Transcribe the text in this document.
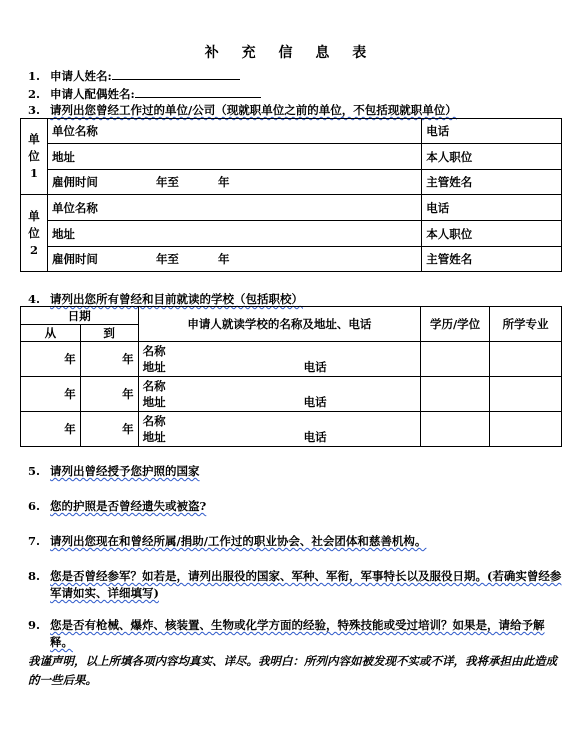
补 充 信 息 表
1. 申请人姓名:
2. 申请人配偶姓名:
3. 请列出您曾经工作过的单位/公司（现就职单位之前的单位，不包括现就职单位）
单
位
1	单位名称	电话
	地址	本人职位
	雇佣时间 年至 年	主管姓名

单
位
2	单位名称	电话
	地址	本人职位
	雇佣时间 年至 年	主管姓名
4. 请列出您所有曾经和目前就读的学校（包括职校）
日期		申请人就读学校的名称及地址、电话	学历/学位	所学专业
从	到			
年	年	名称
地址 电话		

年	年	名称
地址 电话		

年	年	名称
地址 电话		

5. 请列出曾经授予您护照的国家
6. 您的护照是否曾经遗失或被盗?
7. 请列出您现在和曾经所属/捐助/工作过的职业协会、社会团体和慈善机构。
8. 您是否曾经参军？如若是，请列出服役的国家、军种、军衔，军事特长以及服役日期。(若确实曾经参军请如实、详细填写)
9. 您是否有枪械、爆炸、核装置、生物或化学方面的经验，特殊技能或受过培训？如果是，请给予解释。
我谨声明，以上所填各项内容均真实、详尽。我明白：所列内容如被发现不实或不详，我将承担由此造成的一些后果。
